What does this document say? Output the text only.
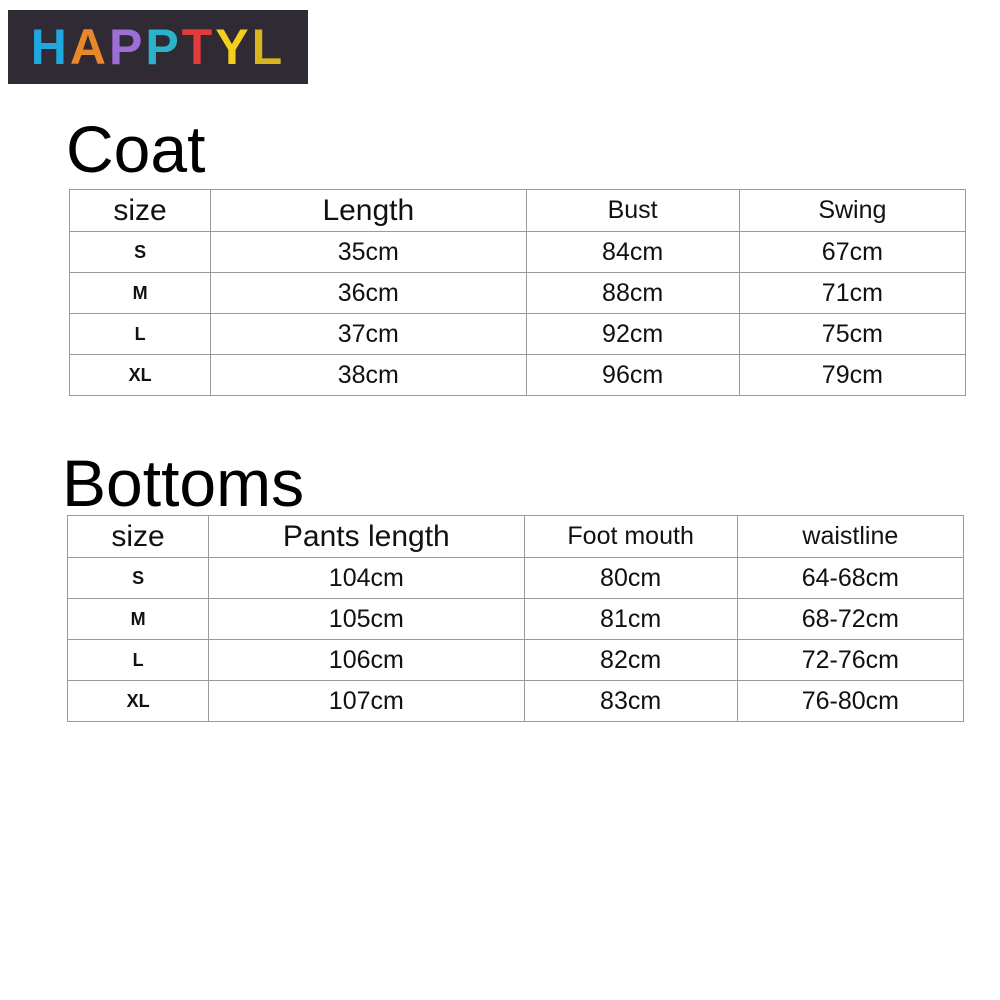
H A P P T Y L
Coat
size	Length	Bust	Swing
S	35cm	84cm	67cm
M	36cm	88cm	71cm
L	37cm	92cm	75cm
XL	38cm	96cm	79cm
Bottoms
size	Pants length	Foot mouth	waistline
S	104cm	80cm	64-68cm
M	105cm	81cm	68-72cm
L	106cm	82cm	72-76cm
XL	107cm	83cm	76-80cm
